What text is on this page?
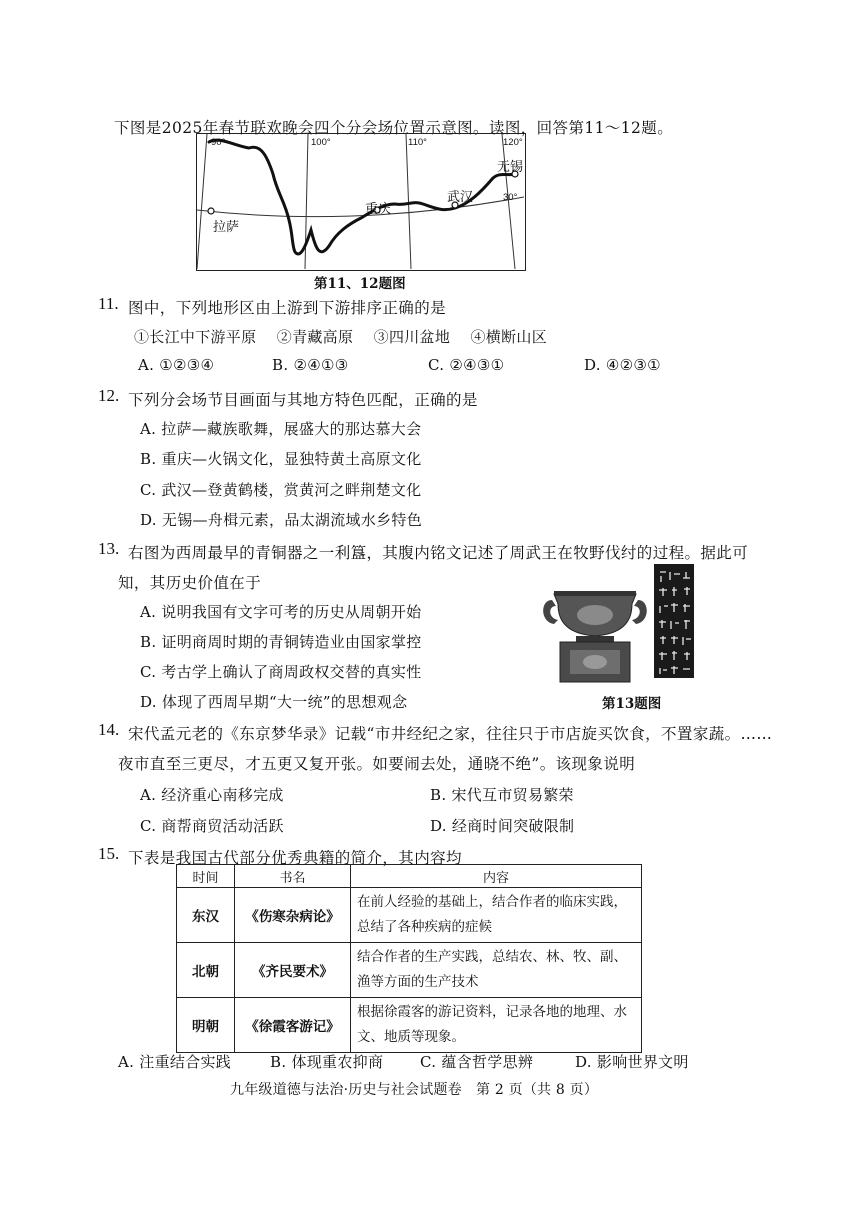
下图是2025年春节联欢晚会四个分会场位置示意图。读图，回答第11～12题。
90°	100°	110°	120°
30°
拉萨
重庆
武汉
无锡
第11、12题图
11. 图中，下列地形区由上游到下游排序正确的是
①长江中下游平原　 ②青藏高原　 ③四川盆地　 ④横断山区
A. ①②③④	B. ②④①③	C. ②④③①	D. ④②③①
12. 下列分会场节目画面与其地方特色匹配，正确的是
A. 拉萨—藏族歌舞，展盛大的那达慕大会
B. 重庆—火锅文化，显独特黄土高原文化
C. 武汉—登黄鹤楼，赏黄河之畔荆楚文化
D. 无锡—舟楫元素，品太湖流域水乡特色
13. 右图为西周最早的青铜器之一利簋，其腹内铭文记述了周武王在牧野伐纣的过程。据此可
知，其历史价值在于
A. 说明我国有文字可考的历史从周朝开始
B. 证明商周时期的青铜铸造业由国家掌控
C. 考古学上确认了商周政权交替的真实性
D. 体现了西周早期“大一统”的思想观念	第13题图
14. 宋代孟元老的《东京梦华录》记载“市井经纪之家，往往只于市店旋买饮食，不置家蔬。……
夜市直至三更尽，才五更又复开张。如要闹去处，通晓不绝”。该现象说明
A. 经济重心南移完成	B. 宋代互市贸易繁荣
C. 商帮商贸活动活跃	D. 经商时间突破限制
15. 下表是我国古代部分优秀典籍的简介，其内容均
时间	书名	内容
东汉	《伤寒杂病论》	在前人经验的基础上，结合作者的临床实践，总结了各种疾病的症候
北朝	《齐民要术》	结合作者的生产实践，总结农、林、牧、副、渔等方面的生产技术
明朝	《徐霞客游记》	根据徐霞客的游记资料，记录各地的地理、水文、地质等现象。
A. 注重结合实践	B. 体现重农抑商 C. 蕴含哲学思辨	D. 影响世界文明
九年级道德与法治·历史与社会试题卷　第 2 页（共 8 页）
